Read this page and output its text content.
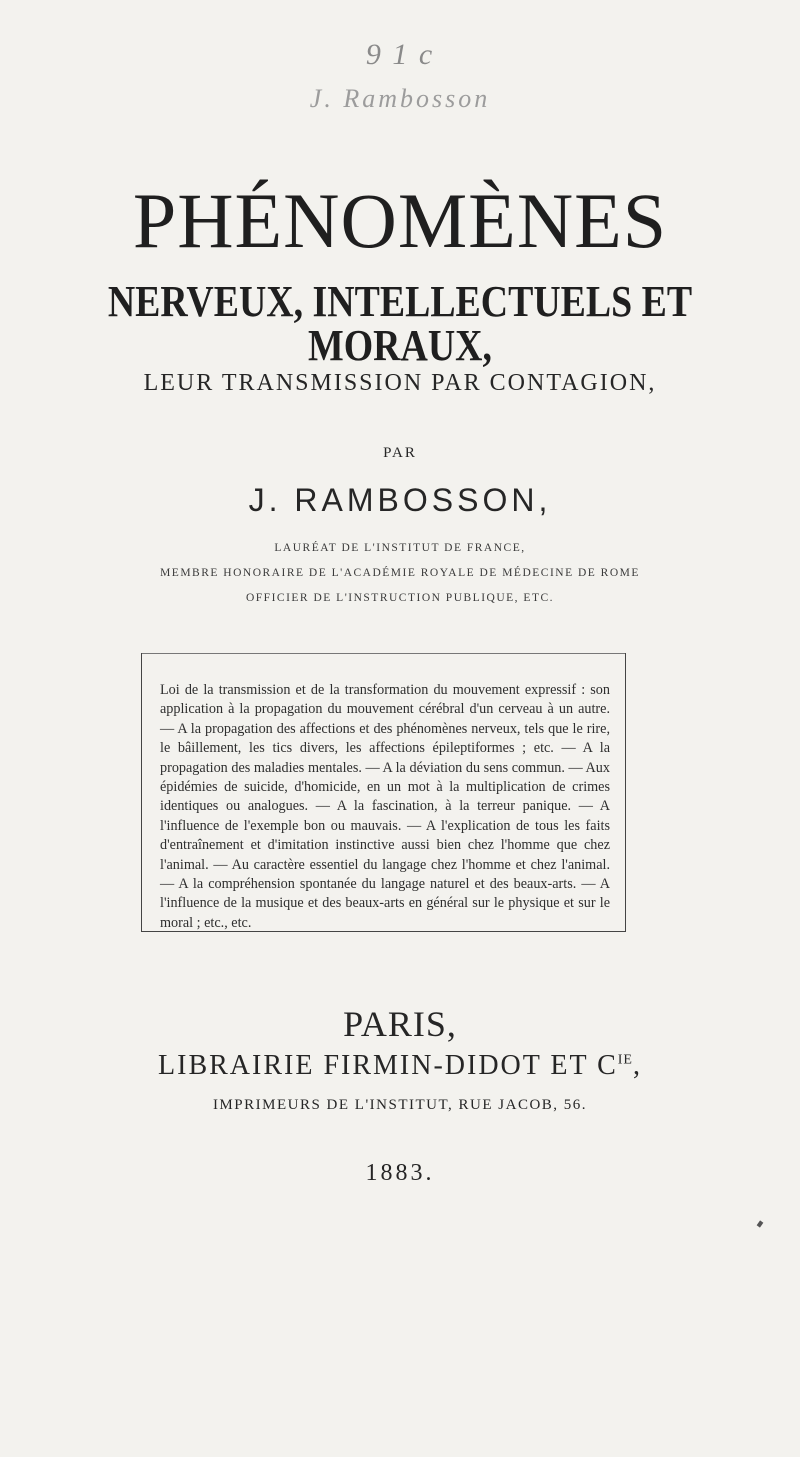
9 1 c
J. Rambosson
PHÉNOMÈNES
NERVEUX, INTELLECTUELS ET MORAUX,
LEUR TRANSMISSION PAR CONTAGION,
PAR
J. RAMBOSSON,
LAURÉAT DE L'INSTITUT DE FRANCE,
MEMBRE HONORAIRE DE L'ACADÉMIE ROYALE DE MÉDECINE DE ROME
OFFICIER DE L'INSTRUCTION PUBLIQUE, ETC.
Loi de la transmission et de la transformation du mouvement expressif : son application à la propagation du mouvement cérébral d'un cerveau à un autre. — A la propagation des affections et des phénomènes nerveux, tels que le rire, le bâillement, les tics divers, les affections épileptiformes ; etc. — A la propagation des maladies mentales. — A la déviation du sens commun. — Aux épidémies de suicide, d'homicide, en un mot à la multiplication de crimes identiques ou analogues. — A la fascination, à la terreur panique. — A l'influence de l'exemple bon ou mauvais. — A l'explication de tous les faits d'entraînement et d'imitation instinctive aussi bien chez l'homme que chez l'animal. — Au caractère essentiel du langage chez l'homme et chez l'animal. — A la compréhension spontanée du langage naturel et des beaux-arts. — A l'influence de la musique et des beaux-arts en général sur le physique et sur le moral ; etc., etc.
PARIS,
LIBRAIRIE FIRMIN-DIDOT ET $C^{IE}$,
IMPRIMEURS DE L'INSTITUT, RUE JACOB, 56.
1883.
